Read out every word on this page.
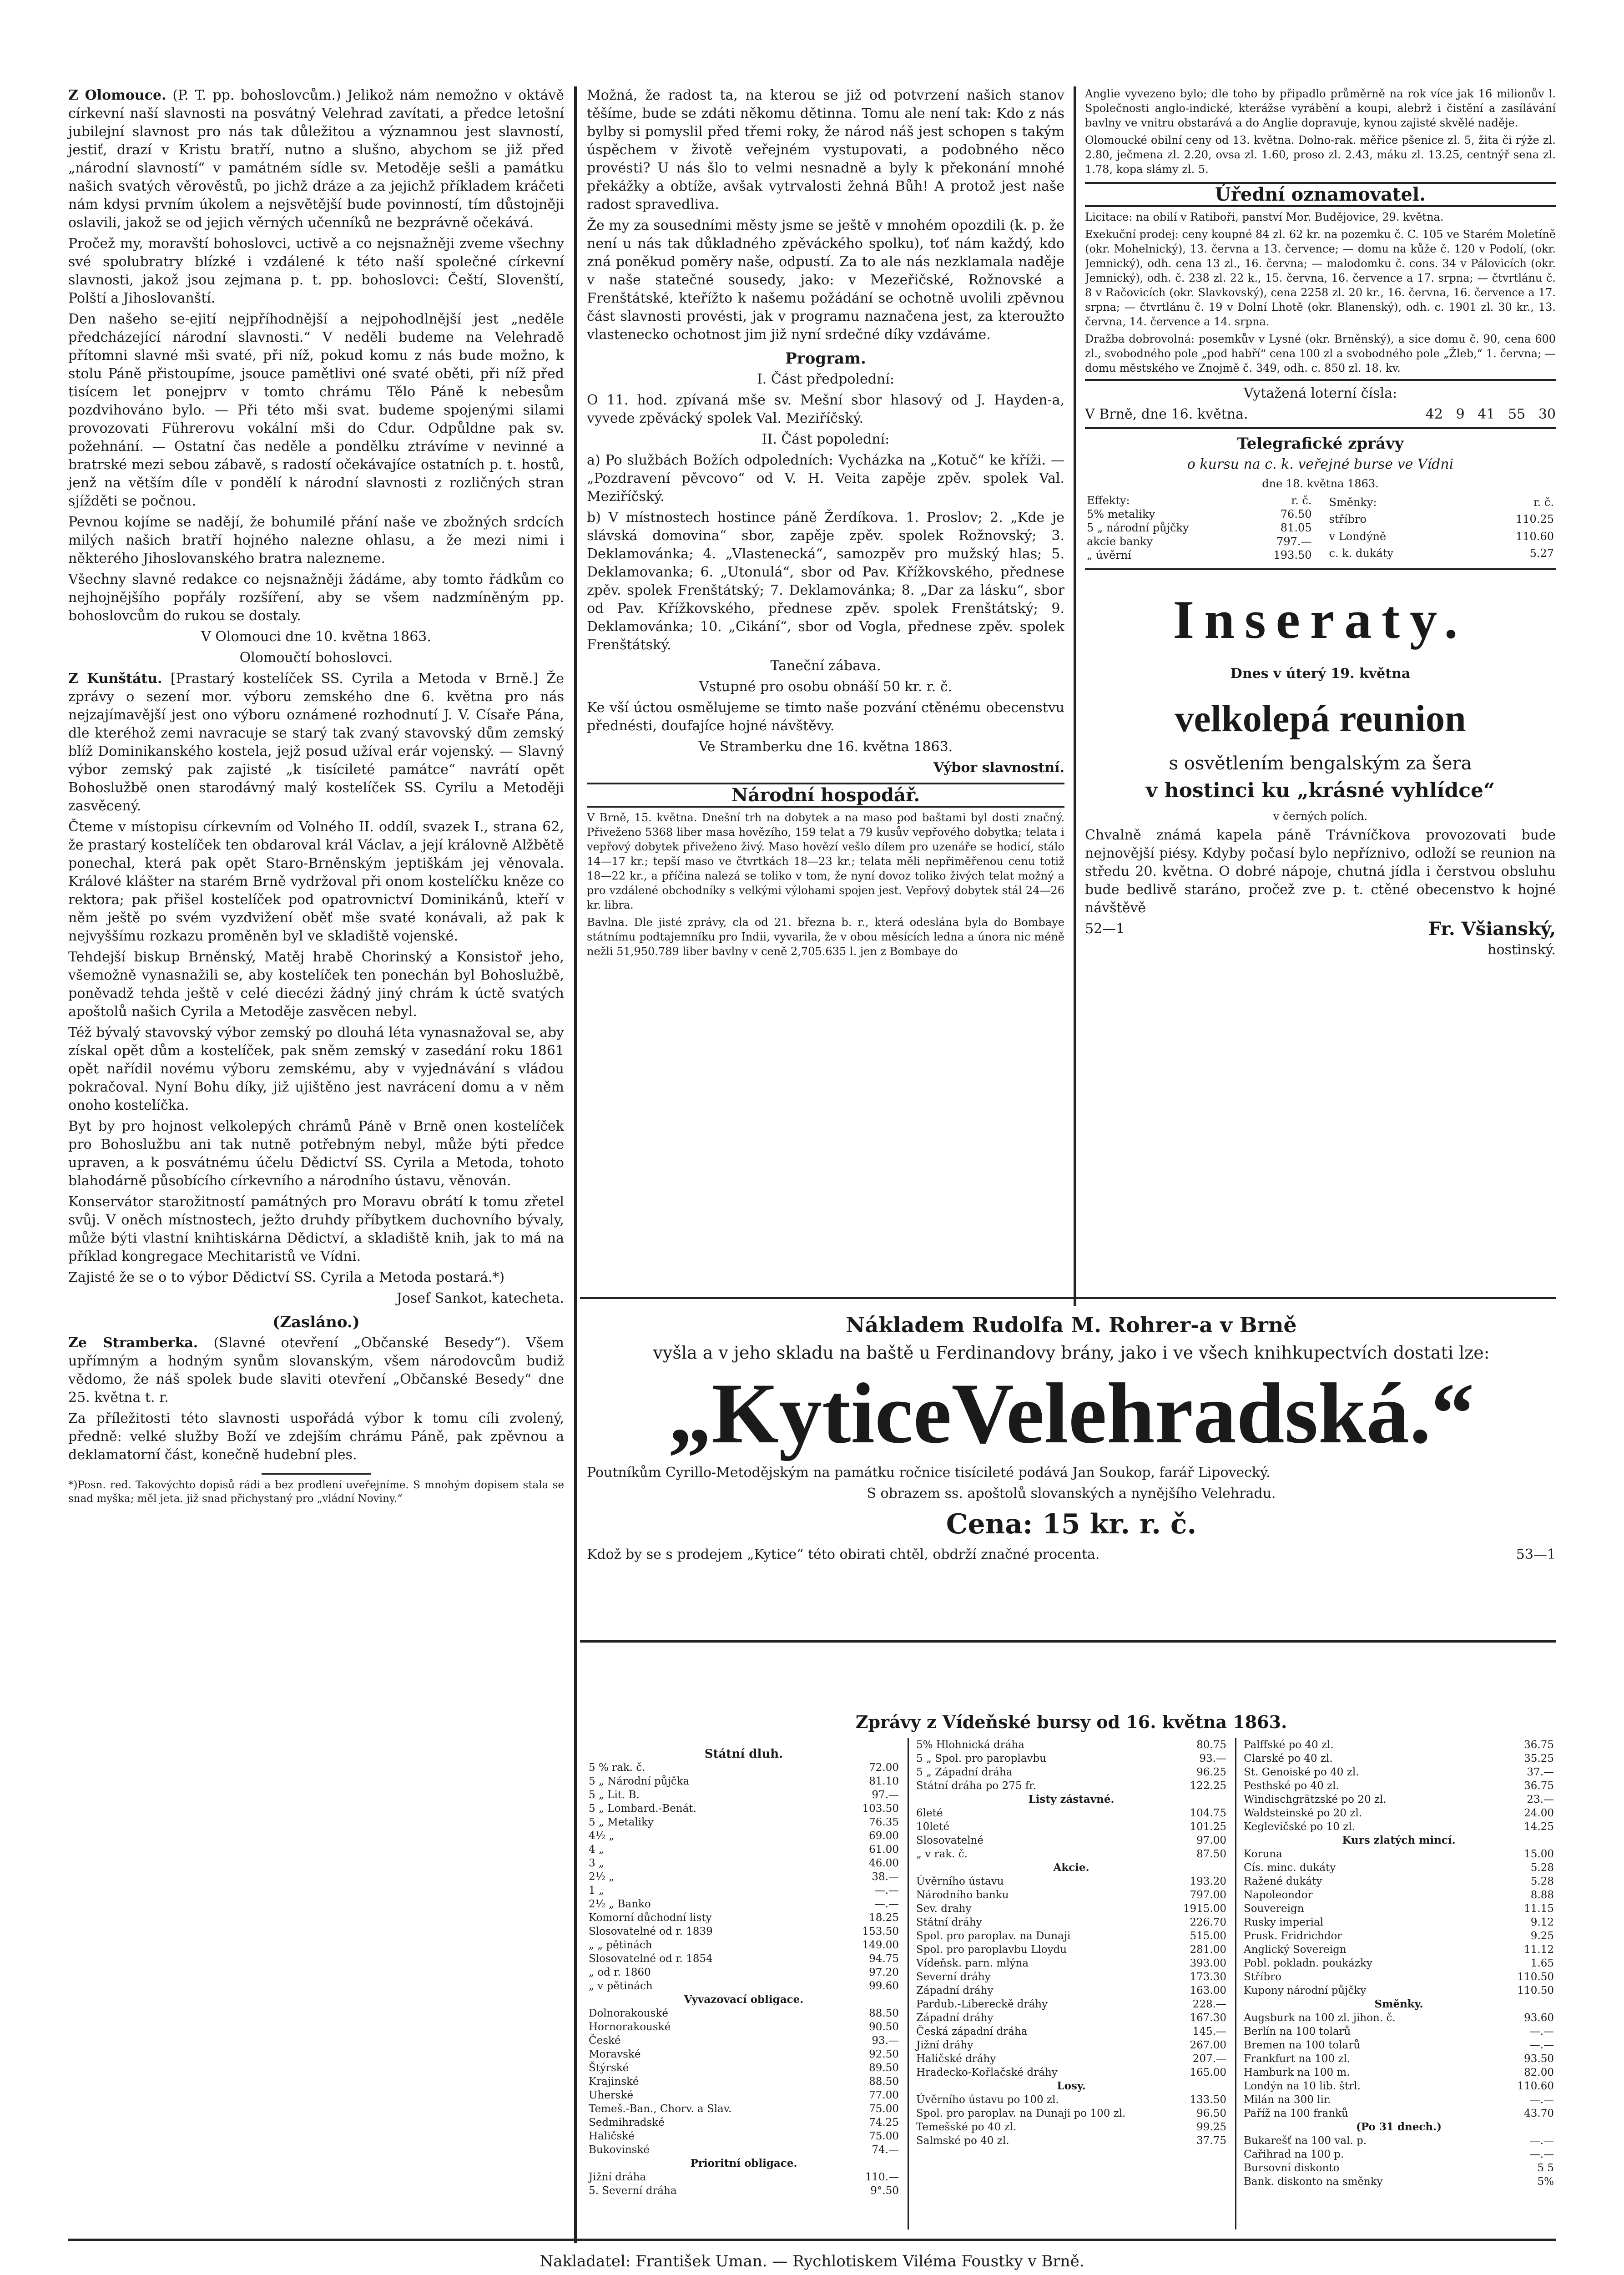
Z Olomouce. (P. T. pp. bohoslovcům.) Jelikož nám nemožno v oktávě církevní naší slavnosti na posvátný Velehrad zavítati, a předce letošní jubilejní slavnost pro nás tak důležitou a významnou jest slavností, jestiť, drazí v Kristu bratří, nutno a slušno, abychom se již před „národní slavností“ v památném sídle sv. Metoděje sešli a památku našich svatých věrověstů, po jichž dráze a za jejichž příkladem kráčeti nám kdysi prvním úkolem a nejsvětější bude povinností, tím důstojněji oslavili, jakož se od jejich věrných učenníků ne bezprávně očekává.

Pročež my, moravští bohoslovci, uctivě a co nejsnažněji zveme všechny své spolubratry blízké i vzdálené k této naší společné církevní slavnosti, jakož jsou zejmana p. t. pp. bohoslovci: Čeští, Slovenští, Polští a Jihoslovanští.

Den našeho se-ejití nejpříhodnější a nejpohodlnější jest „neděle předcházející národní slavnosti.“ V neděli budeme na Velehradě přítomni slavné mši svaté, při níž, pokud komu z nás bude možno, k stolu Páně přistoupíme, jsouce pamětlivi oné svaté oběti, při níž před tisícem let ponejprv v tomto chrámu Tělo Páně k nebesům pozdvihováno bylo. — Při této mši svat. budeme spojenými silami provozovati Führerovu vokální mši do Cdur. Odpůldne pak sv. požehnání. — Ostatní čas neděle a pondělku ztrávíme v nevinné a bratrské mezi sebou zábavě, s radostí očekávajíce ostatních p. t. hostů, jenž na větším díle v pondělí k národní slavnosti z rozličných stran sjížděti se počnou.

Pevnou kojíme se nadějí, že bohumilé přání naše ve zbožných srdcích milých našich bratří hojného nalezne ohlasu, a že mezi nimi i některého Jihoslovanského bratra nalezneme.

Všechny slavné redakce co nejsnažněji žádáme, aby tomto řádkům co nejhojnějšího popřály rozšíření, aby se všem nadzmíněným pp. bohoslovcům do rukou se dostaly.

V Olomouci dne 10. května 1863.

Olomoučtí bohoslovci.

Z Kunštátu. [Prastarý kostelíček SS. Cyrila a Metoda v Brně.] Že zprávy o sezení mor. výboru zemského dne 6. května pro nás nejzajímavější jest ono výboru oznámené rozhodnutí J. V. Císaře Pána, dle kteréhož zemi navracuje se starý tak zvaný stavovský dům zemský blíž Dominikanského kostela, jejž posud užíval erár vojenský. — Slavný výbor zemský pak zajisté „k tisícileté památce“ navrátí opět Bohoslužbě onen starodávný malý kostelíček SS. Cyrilu a Metoději zasvěcený.

Čteme v místopisu církevním od Volného II. oddíl, svazek I., strana 62, že prastarý kostelíček ten obdaroval král Václav, a její královně Alžbětě ponechal, která pak opět Staro-Brněnským jeptiškám jej věnovala. Králové klášter na starém Brně vydržoval při onom kostelíčku kněze co rektora; pak přišel kostelíček pod opatrovnictví Dominikánů, kteří v něm ještě po svém vyzdvižení oběť mše svaté konávali, až pak k nejvyššímu rozkazu proměněn byl ve skladiště vojenské.

Tehdejší biskup Brněnský, Matěj hrabě Chorinský a Konsistoř jeho, všemožně vynasnažili se, aby kostelíček ten ponechán byl Bohoslužbě, poněvadž tehda ještě v celé diecézi žádný jiný chrám k úctě svatých apoštolů našich Cyrila a Metoděje zasvěcen nebyl.

Též bývalý stavovský výbor zemský po dlouhá léta vynasnažoval se, aby získal opět dům a kostelíček, pak sněm zemský v zasedání roku 1861 opět nařídil novému výboru zemskému, aby v vyjednávání s vládou pokračoval. Nyní Bohu díky, již ujištěno jest navrácení domu a v něm onoho kostelíčka.

Byt by pro hojnost velkolepých chrámů Páně v Brně onen kostelíček pro Bohoslužbu ani tak nutně potřebným nebyl, může býti předce upraven, a k posvátnému účelu Dědictví SS. Cyrila a Metoda, tohoto blahodárně působícího církevního a národního ústavu, věnován.

Konservátor starožitností památných pro Moravu obrátí k tomu zřetel svůj. V oněch místnostech, ježto druhdy příbytkem duchovního bývaly, může býti vlastní knihtiskárna Dědictví, a skladiště knih, jak to má na příklad kongregace Mechitaristů ve Vídni.

Zajisté že se o to výbor Dědictví SS. Cyrila a Metoda postará.*)

Josef Sankot, katecheta.

(Zasláno.)

Ze Stramberka. (Slavné otevření „Občanské Besedy“). Všem upřímným a hodným synům slovanským, všem národovcům budiž vědomo, že náš spolek bude slaviti otevření „Občanské Besedy“ dne 25. května t. r.

Za příležitosti této slavnosti uspořádá výbor k tomu cíli zvolený, předně: velké služby Boží ve zdejším chrámu Páně, pak zpěvnou a deklamatorní část, konečně hudební ples.

*)Posn. red. Takovýchto dopisů rádi a bez prodlení uveřejníme. S mnohým dopisem stala se snad myška; měl jeta. již snad přichystaný pro „vládní Noviny.“

Možná, že radost ta, na kterou se již od potvrzení našich stanov těšíme, bude se zdáti někomu dětinna. Tomu ale není tak: Kdo z nás bylby si pomyslil před třemi roky, že národ náš jest schopen s takým úspěchem v životě veřejném vystupovati, a podobného něco provésti? U nás šlo to velmi nesnadně a byly k překonání mnohé překážky a obtíže, avšak vytrvalosti žehná Bůh! A protož jest naše radost spravedliva.

Že my za sousedními městy jsme se ještě v mnohém opozdili (k. p. že není u nás tak důkladného zpěváckého spolku), toť nám každý, kdo zná poněkud poměry naše, odpustí. Za to ale nás nezklamala naděje v naše statečné sousedy, jako: v Mezeřičské, Rožnovské a Frenštátské, kteřížto k našemu požádání se ochotně uvolili zpěvnou část slavnosti provésti, jak v programu naznačena jest, za kteroužto vlastenecko ochotnost jim již nyní srdečné díky vzdáváme.

Program.

I. Část předpolední:

O 11. hod. zpívaná mše sv. Mešní sbor hlasový od J. Hayden-a, vyvede zpěvácký spolek Val. Meziříčský.

II. Část popolední:

a) Po službách Božích odpoledních: Vycházka na „Kotuč“ ke kříži. — „Pozdravení pěvcovo“ od V. H. Veita zapěje zpěv. spolek Val. Meziříčský.

b) V místnostech hostince páně Žerdíkova. 1. Proslov; 2. „Kde je slávská domovina“ sbor, zapěje zpěv. spolek Rožnovský; 3. Deklamovánka; 4. „Vlastenecká“, samozpěv pro mužský hlas; 5. Deklamovanka; 6. „Utonulá“, sbor od Pav. Křížkovského, přednese zpěv. spolek Frenštátský; 7. Deklamovánka; 8. „Dar za lásku“, sbor od Pav. Křížkovského, přednese zpěv. spolek Frenštátský; 9. Deklamovánka; 10. „Cikání“, sbor od Vogla, přednese zpěv. spolek Frenštátský.

Taneční zábava.

Vstupné pro osobu obnáší 50 kr. r. č.

Ke vší úctou osmělujeme se timto naše pozvání ctěnému obecenstvu přednésti, doufajíce hojné návštěvy.

Ve Stramberku dne 16. května 1863.

Výbor slavnostní.

Národní hospodář.

V Brně, 15. května. Dnešní trh na dobytek a na maso pod baštami byl dosti značný. Přiveženo 5368 liber masa hovězího, 159 telat a 79 kusův vepřového dobytka; telata i vepřový dobytek přiveženo živý. Maso hovězí vešlo dílem pro uzenáře se hodicí, stálo 14—17 kr.; tepší maso ve čtvrtkách 18—23 kr.; telata měli nepřiměřenou cenu totiž 18—22 kr., a příčina nalezá se toliko v tom, že nyní dovoz toliko živých telat možný a pro vzdálené obchodníky s velkými výlohami spojen jest. Vepřový dobytek stál 24—26 kr. libra.

Bavlna. Dle jisté zprávy, cla od 21. března b. r., která odeslána byla do Bombaye státnímu podtajemníku pro Indii, vyvarila, že v obou měsících ledna a února nic méně nežli 51,950.789 liber bavlny v ceně 2,705.635 l. jen z Bombaye do

Anglie vyvezeno bylo; dle toho by připadlo průměrně na rok více jak 16 milionův l. Společnosti anglo-indické, kterážse vyrábění a koupi, alebrž i čistění a zasílávání bavlny ve vnitru obstarává a do Anglie dopravuje, kynou zajisté skvělé naděje.

Olomoucké obilní ceny od 13. května. Dolno-rak. měřice pšenice zl. 5, žita či rýže zl. 2.80, ječmena zl. 2.20, ovsa zl. 1.60, proso zl. 2.43, máku zl. 13.25, centnýř sena zl. 1.78, kopa slámy zl. 5.

Úřední oznamovatel.

Licitace: na obilí v Ratiboři, panství Mor. Budějovice, 29. května.

Exekuční prodej: ceny koupné 84 zl. 62 kr. na pozemku č. C. 105 ve Starém Moletíně (okr. Mohelnický), 13. června a 13. července; — domu na kůže č. 120 v Podolí, (okr. Jemnický), odh. cena 13 zl., 16. června; — malodomku č. cons. 34 v Pálovicích (okr. Jemnický), odh. č. 238 zl. 22 k., 15. června, 16. července a 17. srpna; — čtvrtlánu č. 8 v Račovicích (okr. Slavkovský), cena 2258 zl. 20 kr., 16. června, 16. července a 17. srpna; — čtvrtlánu č. 19 v Dolní Lhotě (okr. Blanenský), odh. c. 1901 zl. 30 kr., 13. června, 14. července a 14. srpna.

Dražba dobrovolná: posemkův v Lysné (okr. Brněnský), a sice domu č. 90, cena 600 zl., svobodného pole „pod habří“ cena 100 zl a svobodného pole „Žleb,“ 1. června; — domu městského ve Znojmě č. 349, odh. c. 850 zl. 18. kv.

Vytažená loterní čísla:

V Brně, dne 16. května.	42   9   41   55   30

Telegrafické zprávy

o kursu na c. k. veřejné burse ve Vídni

dne 18. května 1863.

Effekty:	r. č.
5% metaliky	76.50
5 „ národní půjčky	81.05
akcie banky	797.—
„ úvěrní	193.50
Směnky:	r. č.
stříbro	110.25
v Londýně	110.60
c. k. dukáty	5.27
Inseraty.

Dnes v úterý 19. května

velkolepá reunion

s osvětlením bengalským za šera

v hostinci ku „krásné vyhlídce“

v černých polích.

Chvalně známá kapela páně Trávníčkova provozovati bude nejnovější piésy. Kdyby počasí bylo nepříznivo, odloží se reunion na středu 20. května. O dobré nápoje, chutná jídla i čerstvou obsluhu bude bedlivě staráno, pročež zve p. t. ctěné obecenstvo k hojné návštěvě

52—1	Fr. Všianský,

hostinský.

Nákladem Rudolfa M. Rohrer-a v Brně

vyšla a v jeho skladu na baště u Ferdinandovy brány, jako i ve všech knihkupectvích dostati lze:

„KyticeVelehradská.“

Poutníkům Cyrillo-Metodějským na památku ročnice tisícileté podává Jan Soukop, farář Lipovecký.

S obrazem ss. apoštolů slovanských a nynějšího Velehradu.

Cena: 15 kr. r. č.

Kdož by se s prodejem „Kytice“ této obirati chtěl, obdrží značné procenta.	53—1

Zprávy z Vídeňské bursy od 16. května 1863.
Státní dluh.
5 % rak. č.	72.00
5 „ Národní půjčka	81.10
5 „ Lit. B.	97.—
5 „ Lombard.-Benát.	103.50
5 „ Metaliky	76.35
4½ „	69.00
4 „	61.00
3 „	46.00
2½ „	38.—
1 „	—.—
2½ „ Banko	—.—
Komorní důchodní listy	18.25
Slosovatelné od r. 1839	153.50
„ „ pětinách	149.00
Slosovatelné od r. 1854	94.75
„ od r. 1860	97.20
„ v pětinách	99.60
Vyvazovací obligace.	
Dolnorakouské	88.50
Hornorakouské	90.50
České	93.—
Moravské	92.50
Štýrské	89.50
Krajinské	88.50
Uherské	77.00
Temeš.-Ban., Chorv. a Slav.	75.00
Sedmihradské	74.25
Haličské	75.00
Bukovinské	74.—
Prioritní obligace.	
Jižní dráha	110.—
5. Severní dráha	9°.50
5% Hlohnická dráha	80.75
5 „ Spol. pro paroplavbu	93.—
5 „ Západní dráha	96.25
Státní dráha po 275 fr.	122.25
Listy zástavné.	
6leté	104.75
10leté	101.25
Slosovatelné	97.00
„ v rak. č.	87.50
Akcie.	
Úvěrního ústavu	193.20
Národního banku	797.00
Sev. drahy	1915.00
Státní dráhy	226.70
Spol. pro paroplav. na Dunaji	515.00
Spol. pro paroplavbu Lloydu	281.00
Vídeňsk. parn. mlýna	393.00
Severní dráhy	173.30
Západní dráhy	163.00
Pardub.-Libereckě dráhy	228.—
Západní dráhy	167.30
Česká západní dráha	145.—
Jižní dráhy	267.00
Haličské dráhy	207.—
Hradecko-Kořlačské dráhy	165.00
Losy.	
Úvěrního ústavu po 100 zl.	133.50
Spol. pro paroplav. na Dunaji po 100 zl.	96.50
Temešské po 40 zl.	99.25
Salmské po 40 zl.	37.75
Palffské po 40 zl.	36.75
Clarské po 40 zl.	35.25
St. Genoiské po 40 zl.	37.—
Pesthské po 40 zl.	36.75
Windischgrätzské po 20 zl.	23.—
Waldsteinské po 20 zl.	24.00
Keglevičské po 10 zl.	14.25
Kurs zlatých mincí.	
Koruna	15.00
Cís. minc. dukáty	5.28
Ražené dukáty	5.28
Napoleondor	8.88
Souvereign	11.15
Rusky imperial	9.12
Prusk. Fridrichdor	9.25
Anglický Sovereign	11.12
Pobl. pokladn. poukázky	1.65
Stříbro	110.50
Kupony národní půjčky	110.50
Směnky.	
Augsburk na 100 zl. jihon. č.	93.60
Berlín na 100 tolarů	—.—
Bremen na 100 tolarů	—.—
Frankfurt na 100 zl.	93.50
Hamburk na 100 m.	82.00
Londýn na 10 lib. štrl.	110.60
Milán na 300 lir.	—.—
Paříž na 100 franků	43.70
(Po 31 dnech.)	
Bukarešť na 100 val. p.	—.—
Cařihrad na 100 p.	—.—
Bursovní diskonto	5 5
Bank. diskonto na směnky	5%
Nakladatel: František Uman. — Rychlotiskem Viléma Foustky v Brně.
